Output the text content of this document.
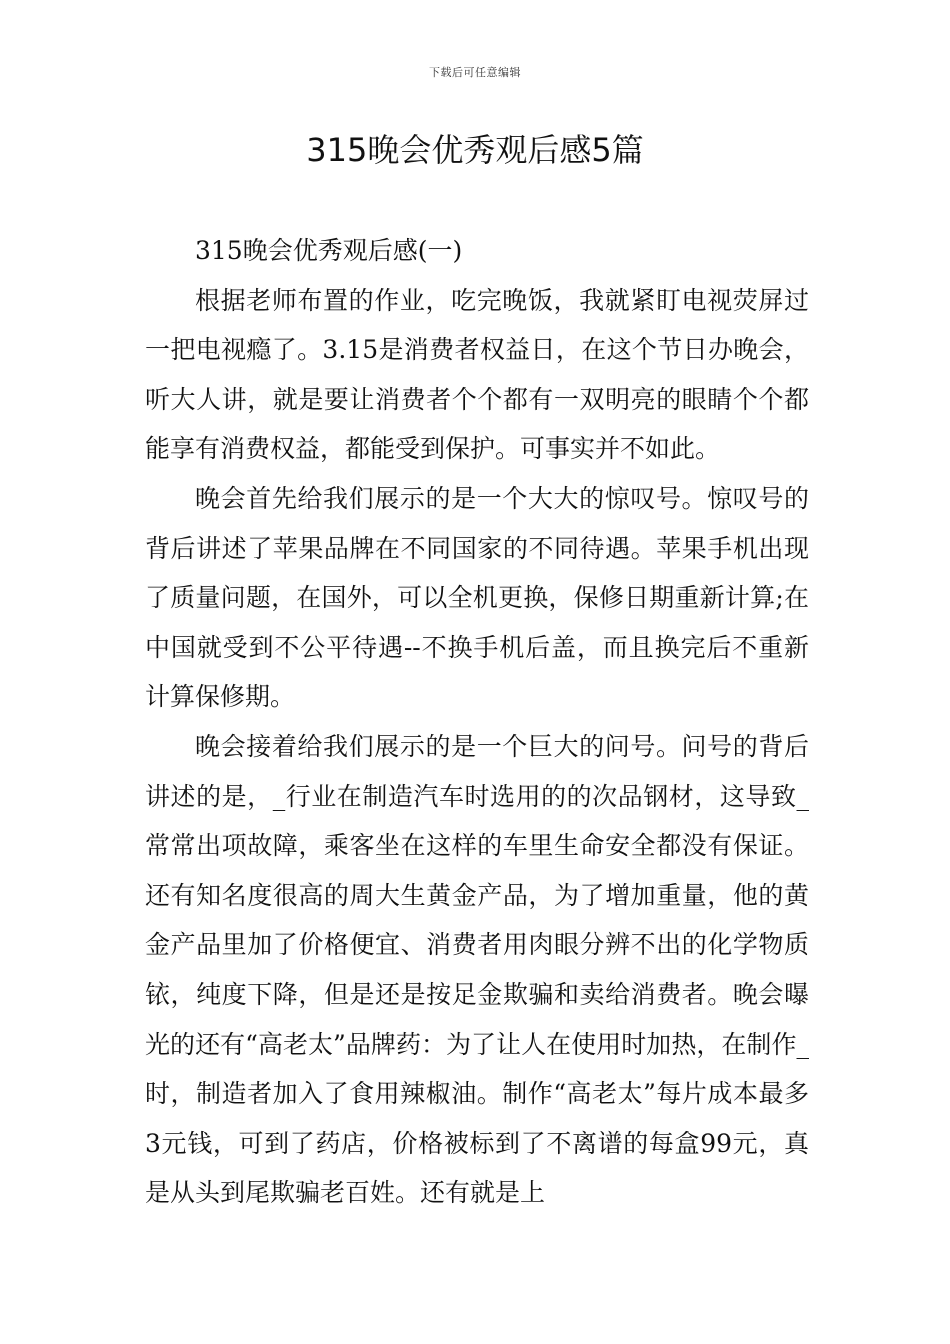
下载后可任意编辑
315晚会优秀观后感5篇

315晚会优秀观后感(一)

根据老师布置的作业，吃完晚饭，我就紧盯电视荧屏过一把电视瘾了。3.15是消费者权益日，在这个节日办晚会，听大人讲，就是要让消费者个个都有一双明亮的眼睛个个都能享有消费权益，都能受到保护。可事实并不如此。

晚会首先给我们展示的是一个大大的惊叹号。惊叹号的背后讲述了苹果品牌在不同国家的不同待遇。苹果手机出现了质量问题，在国外，可以全机更换，保修日期重新计算;在中国就受到不公平待遇--不换手机后盖，而且换完后不重新计算保修期。

晚会接着给我们展示的是一个巨大的问号。问号的背后讲述的是，_行业在制造汽车时选用的的次品钢材，这导致_常常出项故障，乘客坐在这样的车里生命安全都没有保证。还有知名度很高的周大生黄金产品，为了增加重量，他的黄金产品里加了价格便宜、消费者用肉眼分辨不出的化学物质铱，纯度下降，但是还是按足金欺骗和卖给消费者。晚会曝光的还有“高老太”品牌药：为了让人在使用时加热，在制作_时，制造者加入了食用辣椒油。制作“高老太”每片成本最多3元钱，可到了药店，价格被标到了不离谱的每盒99元，真是从头到尾欺骗老百姓。还有就是上
